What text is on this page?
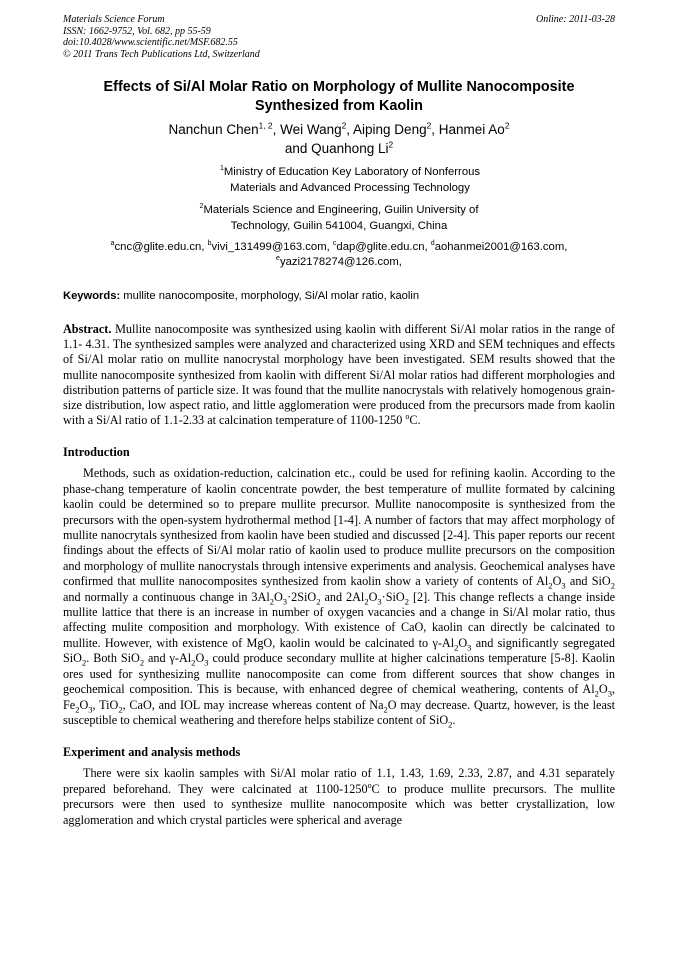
Materials Science Forum
ISSN: 1662-9752, Vol. 682, pp 55-59
doi:10.4028/www.scientific.net/MSF.682.55
© 2011 Trans Tech Publications Ltd, Switzerland
Online: 2011-03-28
Effects of Si/Al Molar Ratio on Morphology of Mullite Nanocomposite Synthesized from Kaolin
Nanchun Chen$^{1, 2}$, Wei Wang$^2$, Aiping Deng$^2$, Hanmei Ao$^2$
and Quanhong Li$^2$
$^1$Ministry of Education Key Laboratory of Nonferrous
Materials and Advanced Processing Technology
$^2$Materials Science and Engineering, Guilin University of
Technology, Guilin 541004, Guangxi, China
$^a$cnc@glite.edu.cn, $^b$vivi_131499@163.com, $^c$dap@glite.edu.cn, $^d$aohanmei2001@163.com,
$^e$yazi2178274@126.com,
Keywords: mullite nanocomposite, morphology, Si/Al molar ratio, kaolin
Abstract. Mullite nanocomposite was synthesized using kaolin with different Si/Al molar ratios in the range of 1.1- 4.31. The synthesized samples were analyzed and characterized using XRD and SEM techniques and effects of Si/Al molar ratio on mullite nanocrystal morphology have been investigated. SEM results showed that the mullite nanocomposite synthesized from kaolin with different Si/Al molar ratios had different morphologies and distribution patterns of particle size. It was found that the mullite nanocrystals with relatively homogenous grain-size distribution, low aspect ratio, and little agglomeration were produced from the precursors made from kaolin with a Si/Al ratio of 1.1-2.33 at calcination temperature of 1100-1250 $^o$C.
Introduction
Methods, such as oxidation-reduction, calcination etc., could be used for refining kaolin. According to the phase-chang temperature of kaolin concentrate powder, the best temperature of mullite formated by calcining kaolin could be determined so to prepare mullite precursor. Mullite nanocomposite is synthesized from the precursors with the open-system hydrothermal method [1-4]. A number of factors that may affect morphology of mullite nanocrytals synthesized from kaolin have been studied and discussed [2-4]. This paper reports our recent findings about the effects of Si/Al molar ratio of kaolin used to produce mullite precursors on the composition and morphology of mullite nanocrystals through intensive experiments and analysis. Geochemical analyses have confirmed that mullite nanocomposites synthesized from kaolin show a variety of contents of $Al_2O_3$ and SiO$_2$ and normally a continuous change in $3Al_2O_3\cdot 2SiO_2$ and $2Al_2O_3\cdot SiO_2$ [2]. This change reflects a change inside mullite lattice that there is an increase in number of oxygen vacancies and a change in Si/Al molar ratio, thus affecting mulite composition and morphology. With existence of CaO, kaolin can directly be calcinated to mullite. However, with existence of MgO, kaolin would be calcinated to $\gamma-Al_2O_3$ and significantly segregated SiO$_2$. Both SiO$_2$ and $\gamma-Al_2O_3$ could produce secondary mullite at higher calcinations temperature [5-8]. Kaolin ores used for synthesizing mullite nanocomposite can come from different sources that show changes in geochemical composition. This is because, with enhanced degree of chemical weathering, contents of $Al_2O_3$, $Fe_2O_3$, TiO$_2$, CaO, and IOL may increase whereas content of $Na_2O$ may decrease. Quartz, however, is the least susceptible to chemical weathering and therefore helps stabilize content of SiO$_2$.
Experiment and analysis methods
There were six kaolin samples with Si/Al molar ratio of 1.1, 1.43, 1.69, 2.33, 2.87, and 4.31 separately prepared beforehand. They were calcinated at 1100-1250$^o$C to produce mullite precursors. The mullite precursors were then used to synthesize mullite nanocomposite which was better crystallization, low agglomeration and which crystal particles were spherical and average
